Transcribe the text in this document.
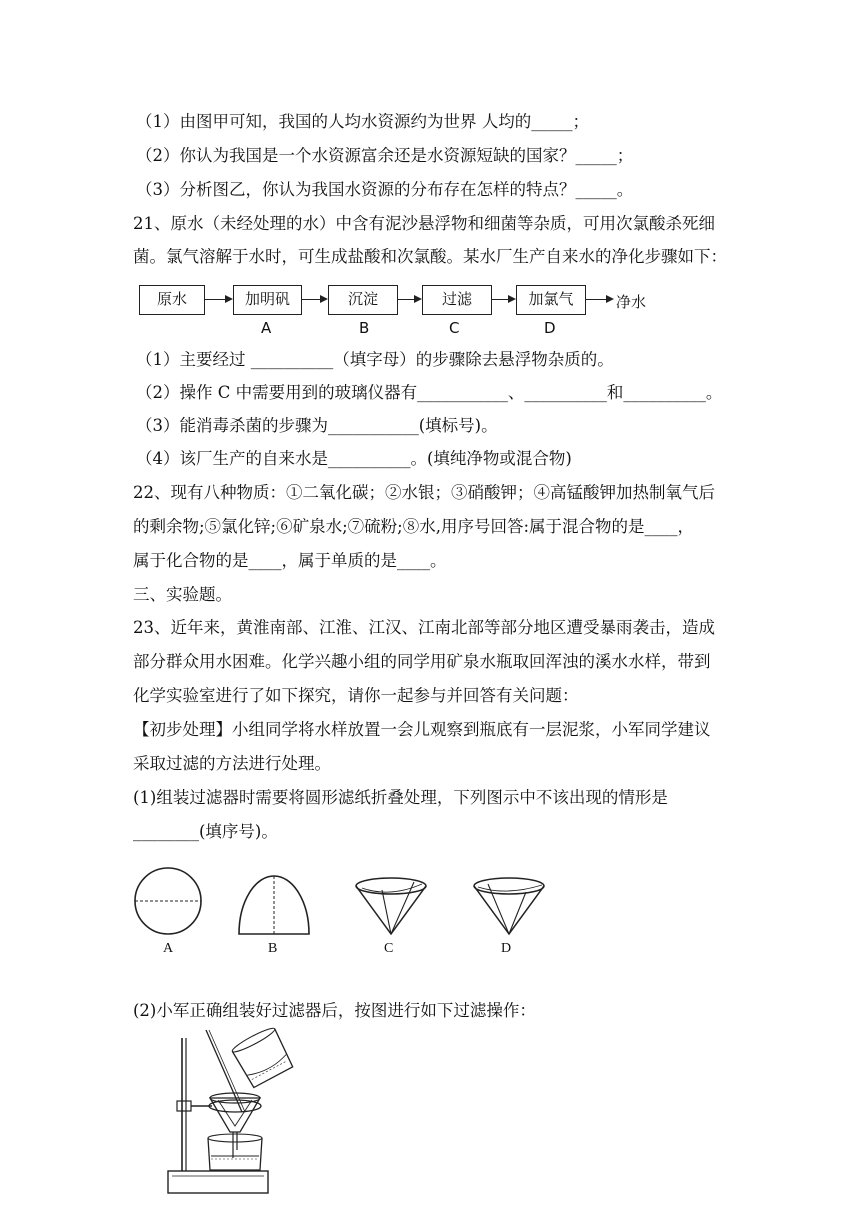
（1）由图甲可知，我国的人均水资源约为世界 人均的_____；
（2）你认为我国是一个水资源富余还是水资源短缺的国家？_____；
（3）分析图乙，你认为我国水资源的分布存在怎样的特点？_____。
21、原水（未经处理的水）中含有泥沙悬浮物和细菌等杂质，可用次氯酸杀死细
菌。氯气溶解于水时，可生成盐酸和次氯酸。某水厂生产自来水的净化步骤如下：
原水	加明矾
A
沉淀
B
过滤
C
加氯气
D
净水
（1）主要经过 __________（填字母）的步骤除去悬浮物杂质的。
（2）操作 C 中需要用到的玻璃仪器有___________、__________和__________。
（3）能消毒杀菌的步骤为___________(填标号)。
（4）该厂生产的自来水是__________。(填纯净物或混合物)
22、现有八种物质：①二氧化碳；②水银；③硝酸钾；④高锰酸钾加热制氧气后
的剩余物;⑤氯化锌;⑥矿泉水;⑦硫粉;⑧水,用序号回答:属于混合物的是____，
属于化合物的是____，属于单质的是____。
三、实验题。
23、近年来，黄淮南部、江淮、江汉、江南北部等部分地区遭受暴雨袭击，造成
部分群众用水困难。化学兴趣小组的同学用矿泉水瓶取回浑浊的溪水水样，带到
化学实验室进行了如下探究，请你一起参与并回答有关问题：
【初步处理】小组同学将水样放置一会儿观察到瓶底有一层泥浆，小军同学建议
采取过滤的方法进行处理。
(1)组装过滤器时需要将圆形滤纸折叠处理，下列图示中不该出现的情形是
________(填序号)。
A	B	C	D
(2)小军正确组装好过滤器后，按图进行如下过滤操作：
